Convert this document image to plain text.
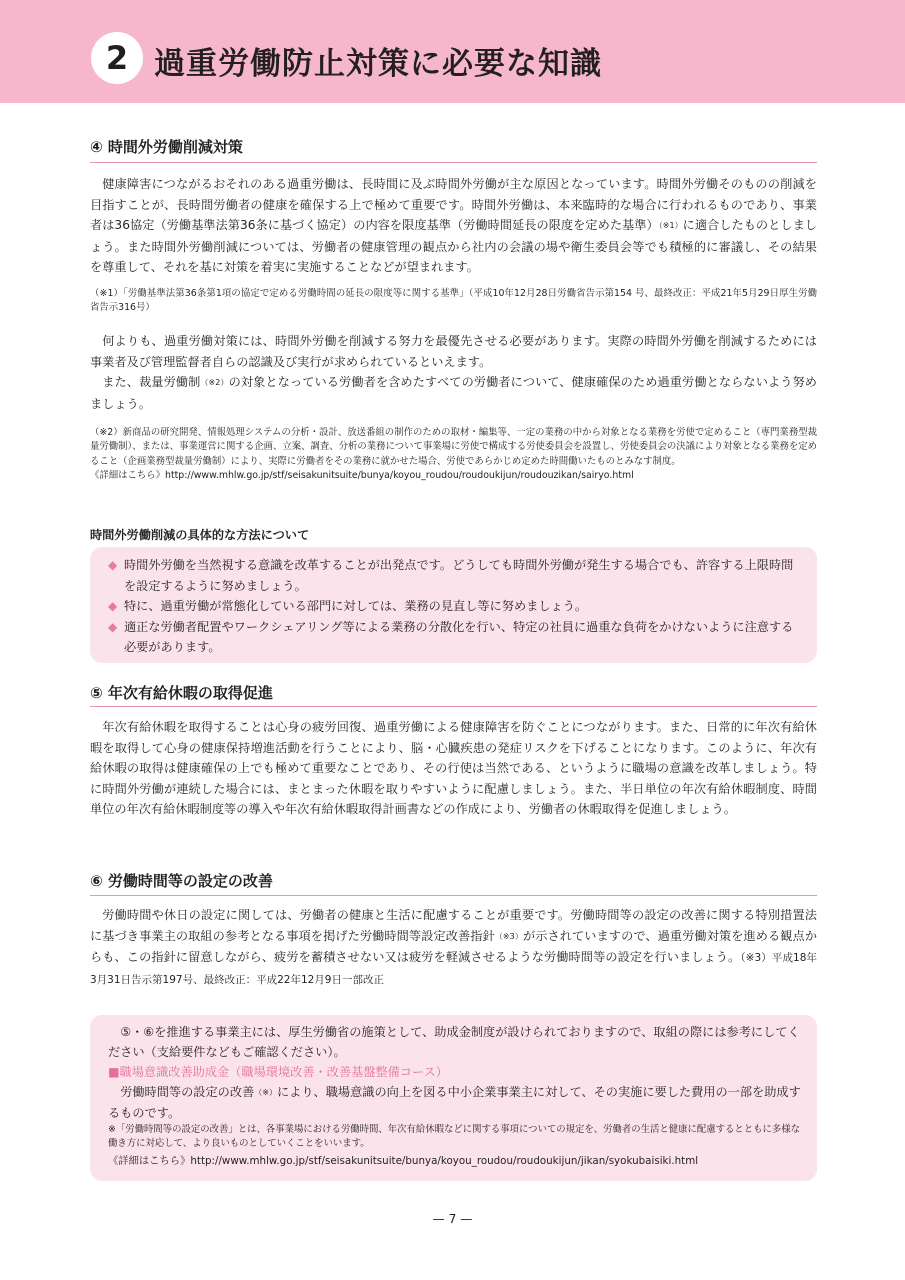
2 過重労働防止対策に必要な知識
④ 時間外労働削減対策

健康障害につながるおそれのある過重労働は、長時間に及ぶ時間外労働が主な原因となっています。時間外労働そのものの削減を目指すことが、長時間労働者の健康を確保する上で極めて重要です。時間外労働は、本来臨時的な場合に行われるものであり、事業者は36協定（労働基準法第36条に基づく協定）の内容を限度基準（労働時間延長の限度を定めた基準）（※1）に適合したものとしましょう。また時間外労働削減については、労働者の健康管理の観点から社内の会議の場や衛生委員会等でも積極的に審議し、その結果を尊重して、それを基に対策を着実に実施することなどが望まれます。

（※1）「労働基準法第36条第1項の協定で定める労働時間の延長の限度等に関する基準」（平成10年12月28日労働省告示第154 号、最終改正：平成21年5月29日厚生労働省告示316号）

何よりも、過重労働対策には、時間外労働を削減する努力を最優先させる必要があります。実際の時間外労働を削減するためには事業者及び管理監督者自らの認識及び実行が求められているといえます。

また、裁量労働制（※2）の対象となっている労働者を含めたすべての労働者について、健康確保のため過重労働とならないよう努めましょう。

（※2）新商品の研究開発、情報処理システムの分析・設計、放送番組の制作のための取材・編集等、一定の業務の中から対象となる業務を労使で定めること（専門業務型裁量労働制）、または、事業運営に関する企画、立案、調査、分析の業務について事業場に労使で構成する労使委員会を設置し、労使委員会の決議により対象となる業務を定めること（企画業務型裁量労働制）により、実際に労働者をその業務に就かせた場合、労使であらかじめ定めた時間働いたものとみなす制度。
《詳細はこちら》http://www.mhlw.go.jp/stf/seisakunitsuite/bunya/koyou_roudou/roudoukijun/roudouzikan/sairyo.html
時間外労働削減の具体的な方法について
◆ 時間外労働を当然視する意識を改革することが出発点です。どうしても時間外労働が発生する場合でも、許容する上限時間を設定するように努めましょう。
◆ 特に、過重労働が常態化している部門に対しては、業務の見直し等に努めましょう。
◆ 適正な労働者配置やワークシェアリング等による業務の分散化を行い、特定の社員に過重な負荷をかけないように注意する必要があります。
⑤ 年次有給休暇の取得促進

年次有給休暇を取得することは心身の疲労回復、過重労働による健康障害を防ぐことにつながります。また、日常的に年次有給休暇を取得して心身の健康保持増進活動を行うことにより、脳・心臓疾患の発症リスクを下げることになります。このように、年次有給休暇の取得は健康確保の上でも極めて重要なことであり、その行使は当然である、というように職場の意識を改革しましょう。特に時間外労働が連続した場合には、まとまった休暇を取りやすいように配慮しましょう。また、半日単位の年次有給休暇制度、時間単位の年次有給休暇制度等の導入や年次有給休暇取得計画書などの作成により、労働者の休暇取得を促進しましょう。

⑥ 労働時間等の設定の改善

労働時間や休日の設定に関しては、労働者の健康と生活に配慮することが重要です。労働時間等の設定の改善に関する特別措置法に基づき事業主の取組の参考となる事項を掲げた労働時間等設定改善指針（※3）が示されていますので、過重労働対策を進める観点からも、この指針に留意しながら、疲労を蓄積させない又は疲労を軽減させるような労働時間等の設定を行いましょう。（※3）平成18年3月31日告示第197号、最終改正：平成22年12月9日一部改正

⑤・⑥を推進する事業主には、厚生労働省の施策として、助成金制度が設けられておりますので、取組の際には参考にしてください（支給要件などもご確認ください）。

■職場意識改善助成金（職場環境改善・改善基盤整備コース）

労働時間等の設定の改善（※）により、職場意識の向上を図る中小企業事業主に対して、その実施に要した費用の一部を助成するものです。

※「労働時間等の設定の改善」とは、各事業場における労働時間、年次有給休暇などに関する事項についての規定を、労働者の生活と健康に配慮するとともに多様な働き方に対応して、より良いものとしていくことをいいます。

《詳細はこちら》http://www.mhlw.go.jp/stf/seisakunitsuite/bunya/koyou_roudou/roudoukijun/jikan/syokubaisiki.html

— 7 —
